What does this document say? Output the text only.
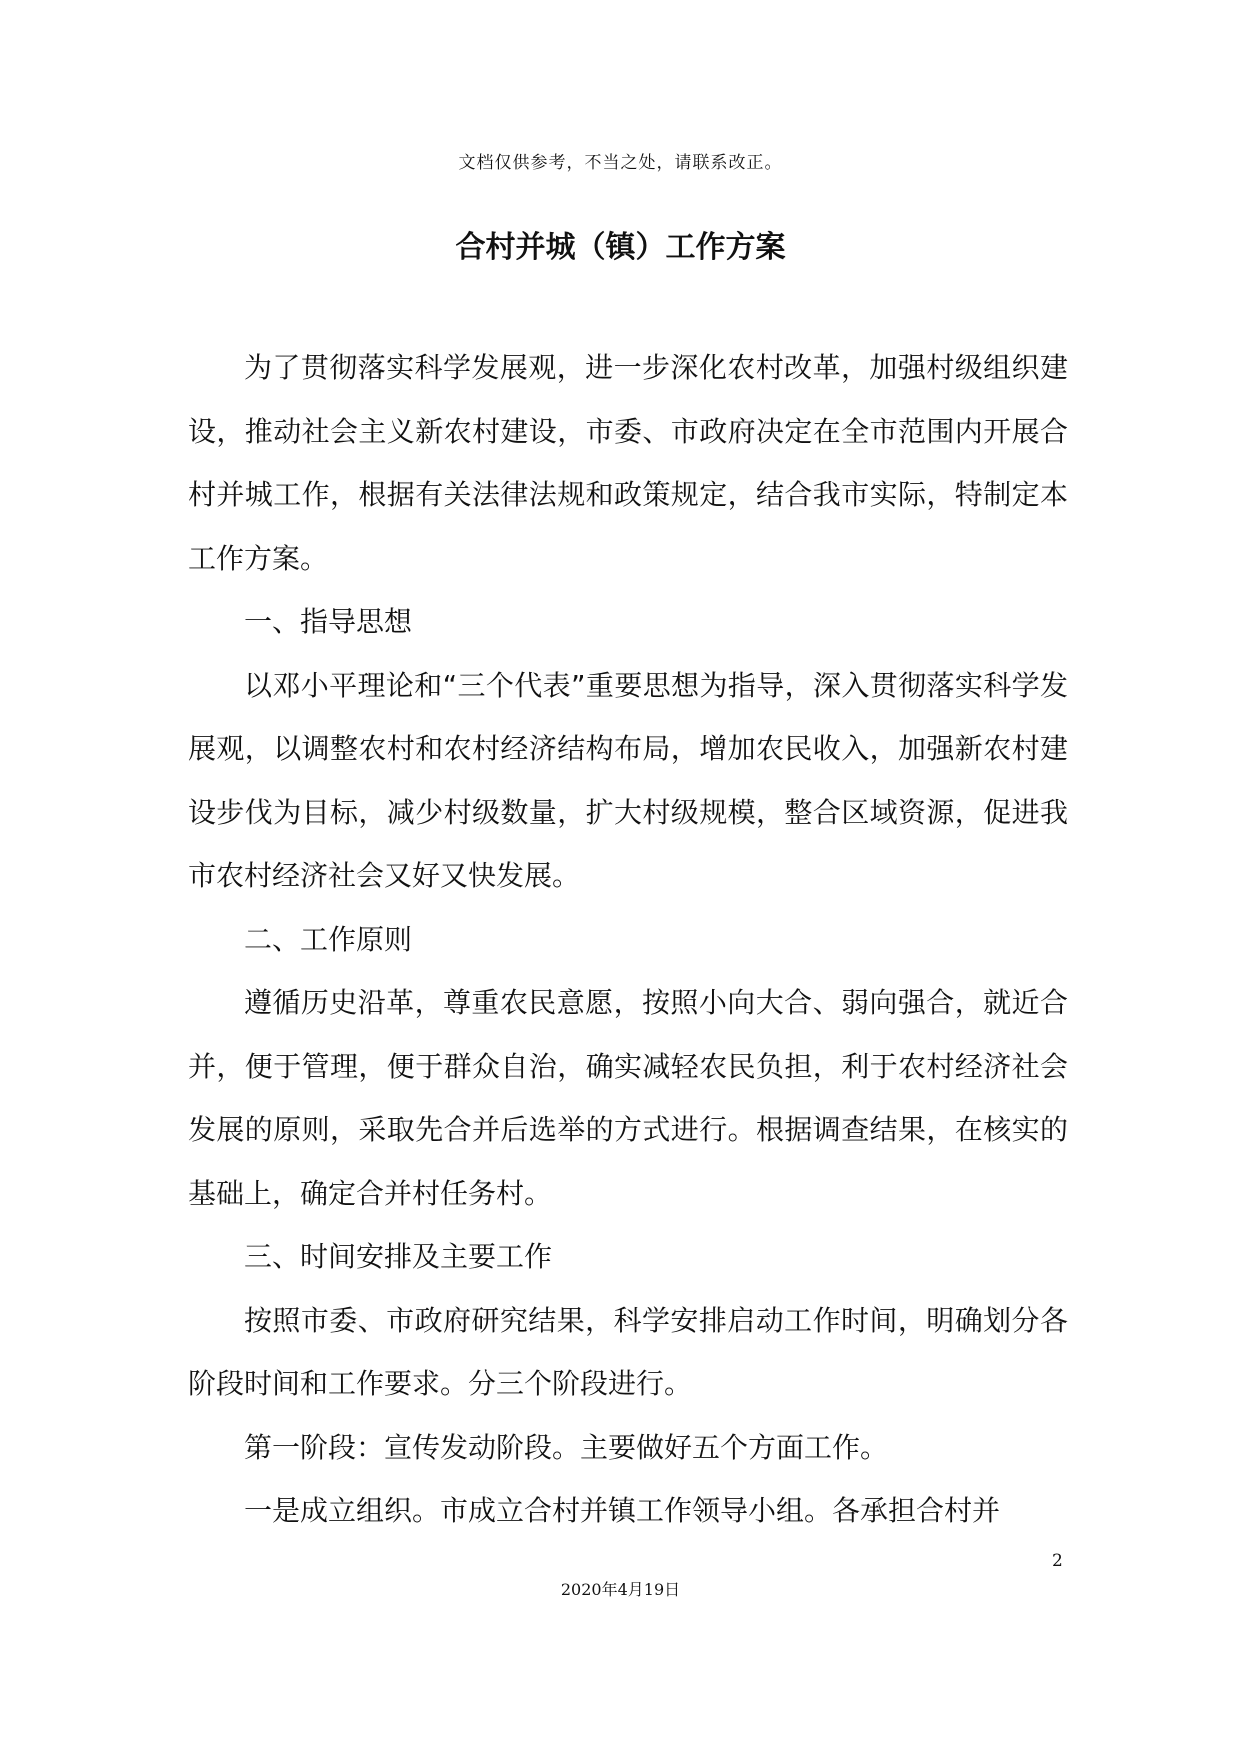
文档仅供参考，不当之处，请联系改正。
合村并城（镇）工作方案

为了贯彻落实科学发展观，进一步深化农村改革，加强村级组织建设，推动社会主义新农村建设，市委、市政府决定在全市范围内开展合村并城工作，根据有关法律法规和政策规定，结合我市实际，特制定本工作方案。

一、指导思想

以邓小平理论和“三个代表”重要思想为指导，深入贯彻落实科学发展观，以调整农村和农村经济结构布局，增加农民收入，加强新农村建设步伐为目标，减少村级数量，扩大村级规模，整合区域资源，促进我市农村经济社会又好又快发展。

二、工作原则

遵循历史沿革，尊重农民意愿，按照小向大合、弱向强合，就近合并，便于管理，便于群众自治，确实减轻农民负担，利于农村经济社会发展的原则，采取先合并后选举的方式进行。根据调查结果，在核实的基础上，确定合并村任务村。

三、时间安排及主要工作

按照市委、市政府研究结果，科学安排启动工作时间，明确划分各阶段时间和工作要求。分三个阶段进行。

第一阶段：宣传发动阶段。主要做好五个方面工作。

一是成立组织。市成立合村并镇工作领导小组。各承担合村并

2
2020年4月19日
